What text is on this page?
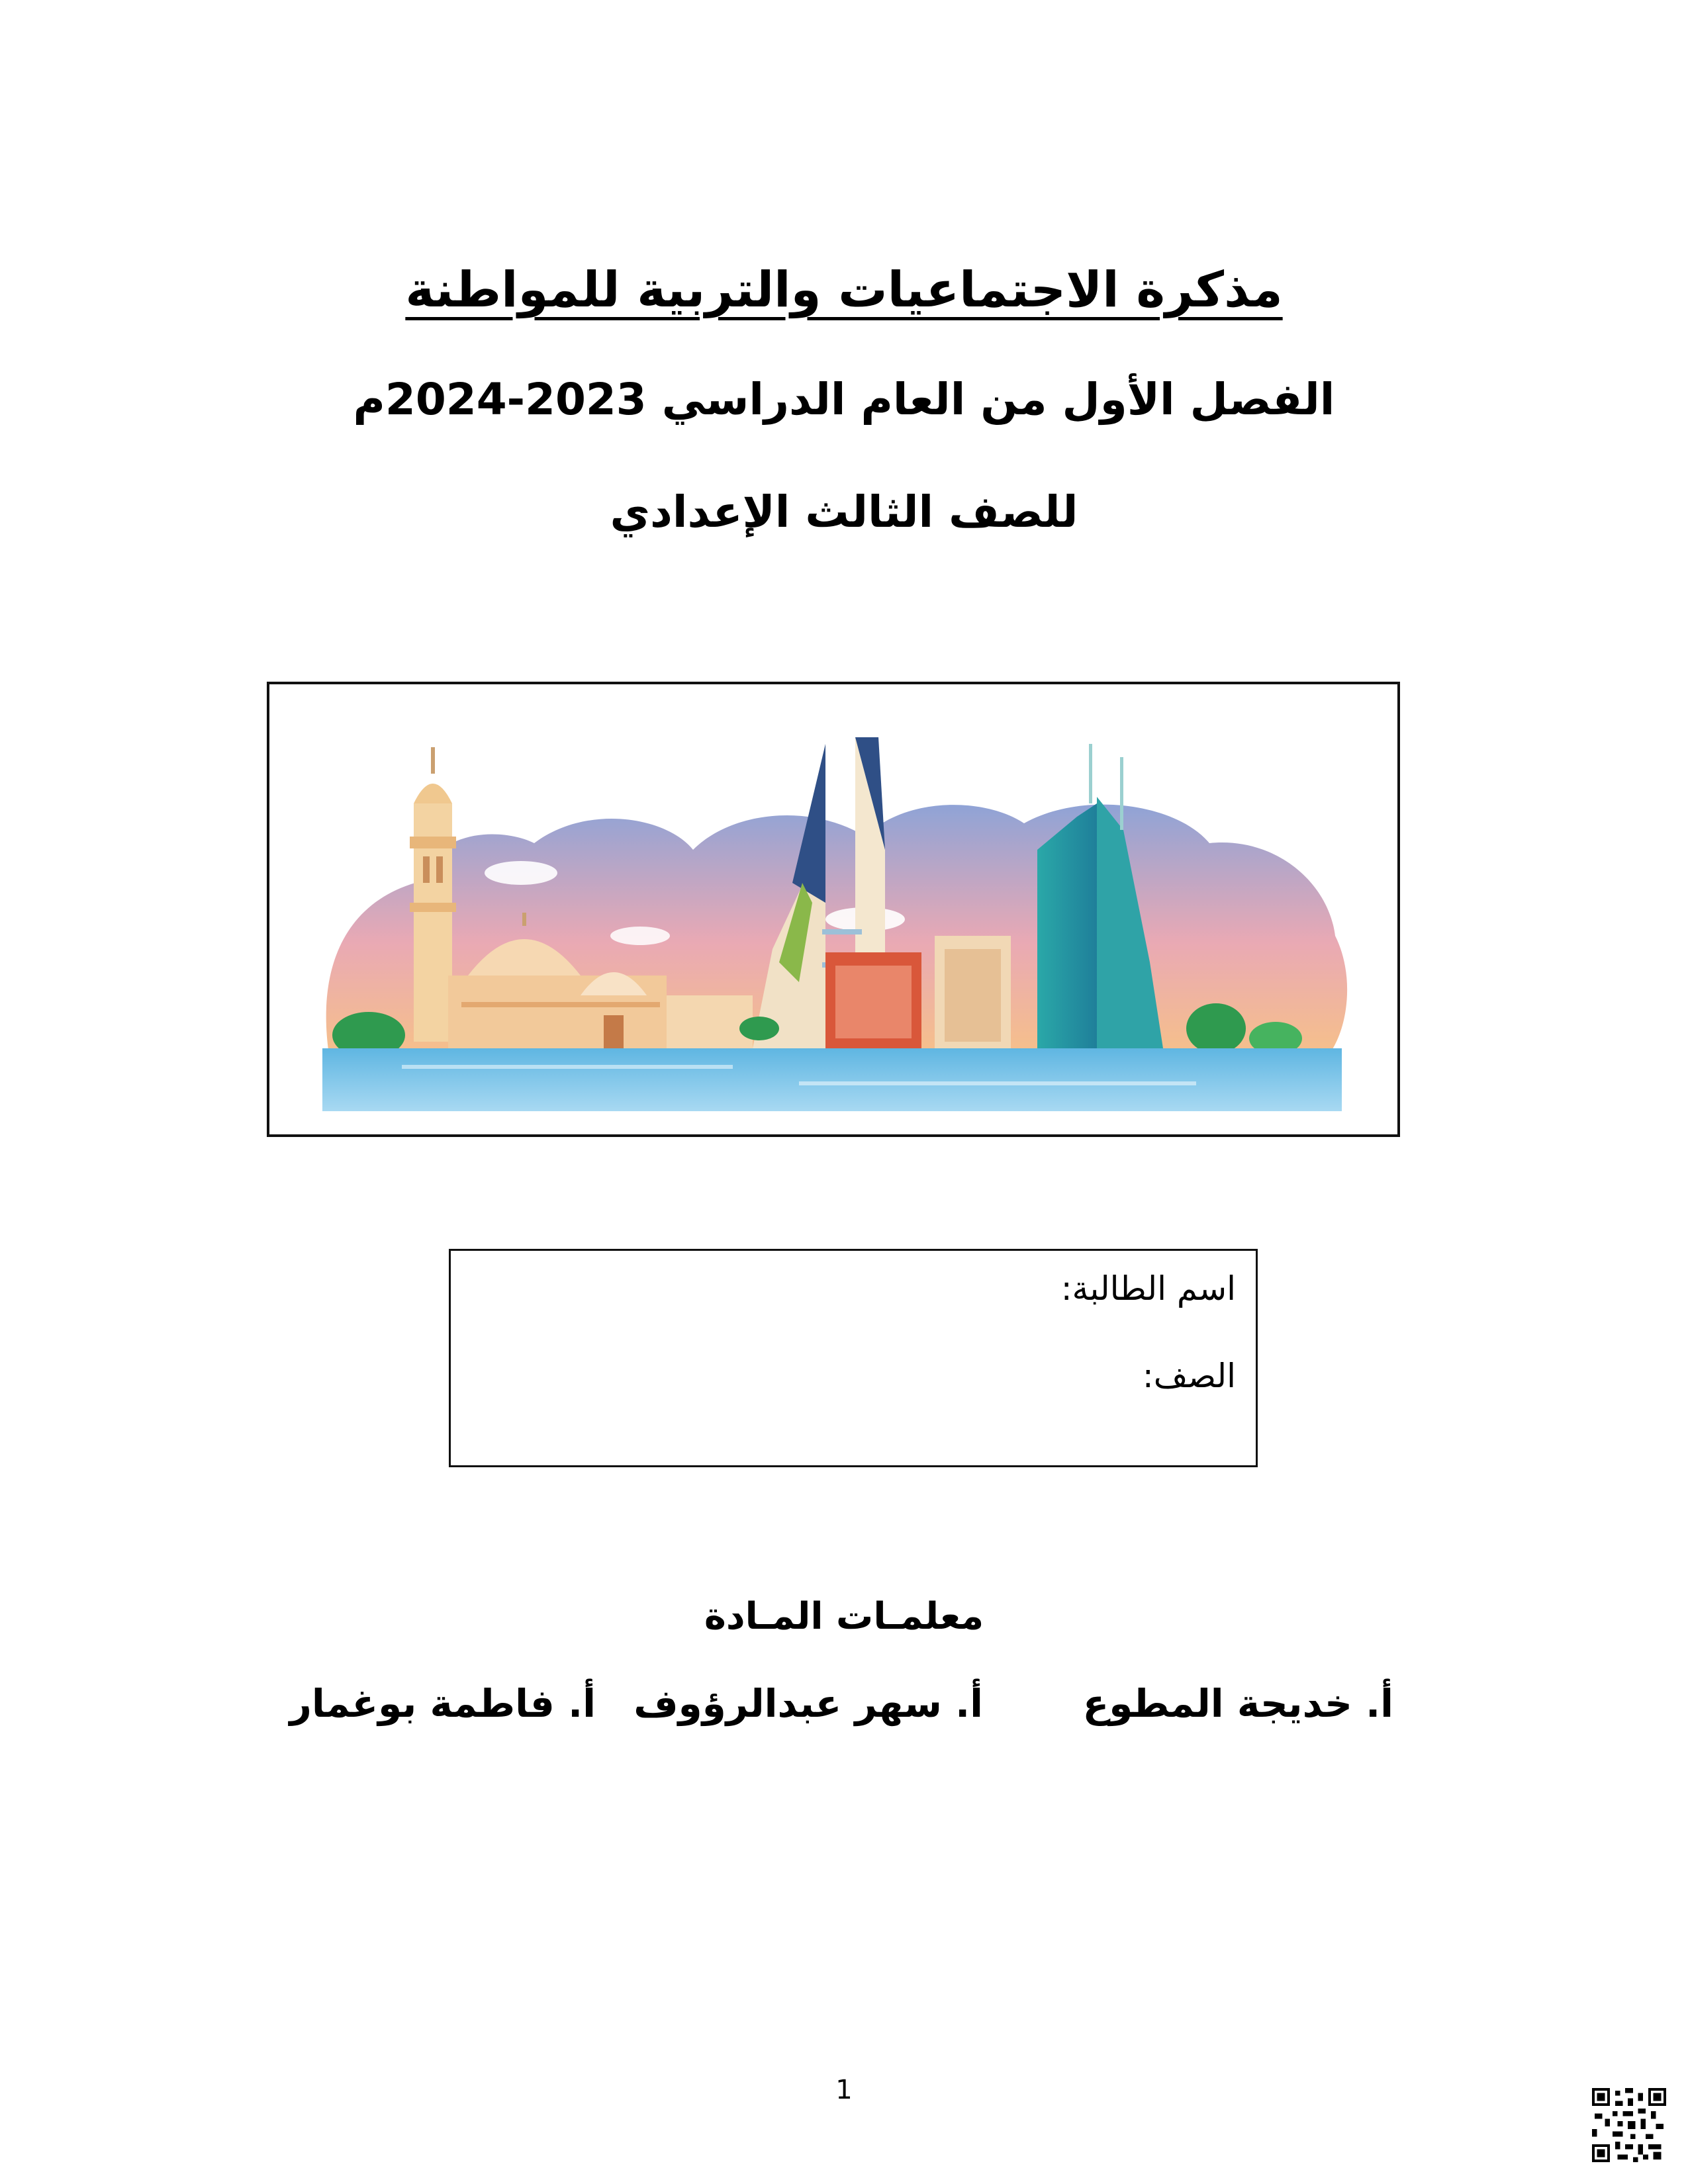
مذكرة الاجتماعيات والتربية للمواطنة
الفصل الأول من العام الدراسي 2023-2024م
للصف الثالث الإعدادي
اسم الطالبة:
الصف:
معلمـات المـادة
أ. خديجة المطوع
أ. سهر عبدالرؤوف
أ. فاطمة بوغمار
1
